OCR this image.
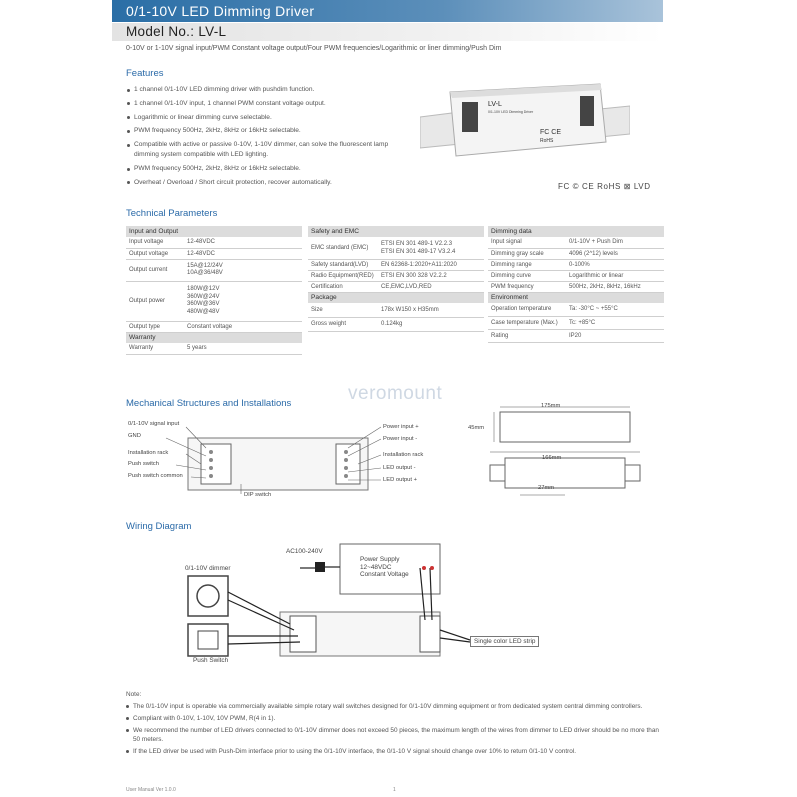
0/1-10V LED Dimming Driver
Model No.: LV-L
0-10V or 1-10V signal input/PWM Constant voltage output/Four PWM frequencies/Logarithmic or liner dimming/Push Dim
Features
1 channel 0/1-10V LED dimming driver with pushdim function.
1 channel 0/1-10V input, 1 channel PWM constant voltage output.
Logarithmic or linear dimming curve selectable.
PWM frequency 500Hz, 2kHz, 8kHz or 16kHz selectable.
Compatible with active or passive 0-10V, 1-10V dimmer, can solve the fluorescent lamp dimming system compatible with LED lighting.
PWM frequency 500Hz, 2kHz, 8kHz or 16kHz selectable.
Overheat / Overload / Short circuit protection, recover automatically.
LV-L
0/1-10V LED Dimming Driver
FC CE
RoHS
FC © CE RoHS ⊠ LVD
Technical Parameters
Input and Output	
Input voltage	12-48VDC
Output voltage	12-48VDC
Output current	15A@12/24V
10A@36/48V
Output power	180W@12V
360W@24V
360W@36V
480W@48V
Output type	Constant voltage
Warranty	
Warranty	5 years
Safety and EMC	
EMC standard (EMC)	ETSI EN 301 489-1 V2.2.3
ETSI EN 301 489-17 V3.2.4
Safety standard(LVD)	EN 62368-1:2020+A11:2020
Radio Equipment(RED)	ETSI EN 300 328 V2.2.2
Certification	CE,EMC,LVD,RED
Package	
Size	178x W150 x H35mm
Gross weight	0.124kg
Dimming data	
Input signal	0/1-10V + Push Dim
Dimming gray scale	4096 (2^12) levels
Dimming range	0-100%
Dimming curve	Logarithmic or linear
PWM frequency	500Hz, 2kHz, 8kHz, 16kHz
Environment	
Operation temperature	Ta: -30°C ~ +55°C
Case temperature (Max.)	Tc: +85°C
Rating	IP20
Mechanical Structures and Installations	veromount
0/1-10V signal input
GND
Installation rack
Push switch
Push switch common
Power input +
Power input -
Installation rack
LED output -
LED output +
DIP switch
175mm
45mm
166mm
27mm
Wiring Diagram
AC100-240V
Power Supply
12~48VDC
Constant Voltage
0/1-10V dimmer
Push Switch
Single color LED strip

Note:

The 0/1-10V input is operable via commercially available simple rotary wall switches designed for 0/1-10V dimming equipment or from dedicated system central dimming controllers.

Compliant with 0-10V, 1-10V, 10V PWM, R(4 in 1).

We recommend the number of LED drivers connected to 0/1-10V dimmer does not exceed 50 pieces, the maximum length of the wires from dimmer to LED driver should be no more than 50 meters.

If the LED driver be used with Push-Dim interface prior to using the 0/1-10V interface, the 0/1-10 V signal should change over 10% to return 0/1-10 V control.

User Manual Ver 1.0.0	1
